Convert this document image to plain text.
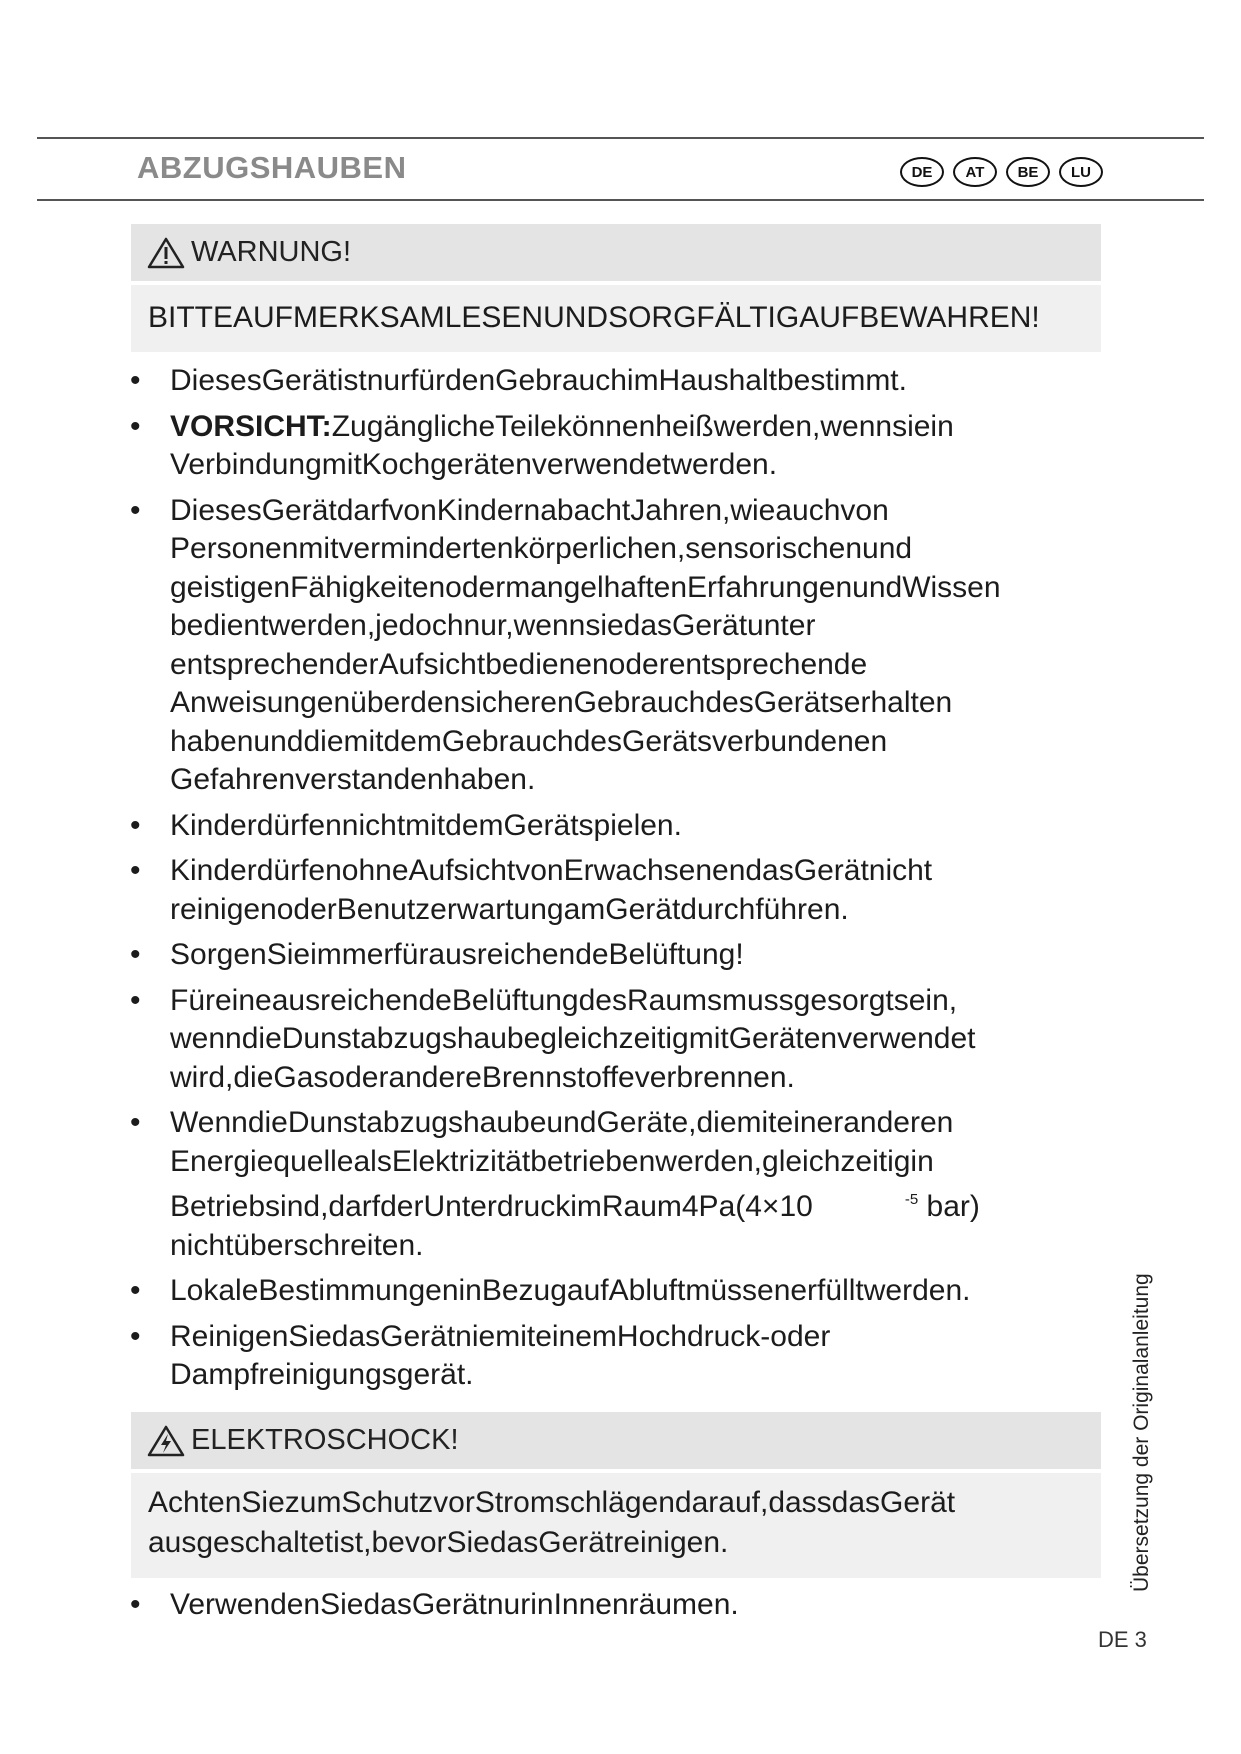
ABZUGSHAUBEN	DE	AT	BE	LU
WARNUNG!
BITTEAUFMERKSAMLESENUNDSORGFÄLTIGAUFBEWAHREN!
• DiesesGerätistnurfürdenGebrauchimHaushaltbestimmt.
• VORSICHT:ZugänglicheTeilekönnenheißwerden,wennsiein
VerbindungmitKochgerätenverwendetwerden.
• DiesesGerätdarfvonKindernabachtJahren,wieauchvon
Personenmitvermindertenkörperlichen,sensorischenund
geistigenFähigkeitenodermangelhaftenErfahrungenundWissen
bedientwerden,jedochnur,wennsiedasGerätunter
entsprechenderAufsichtbedienenoderentsprechende
AnweisungenüberdensicherenGebrauchdesGerätserhalten
habenunddiemitdemGebrauchdesGerätsverbundenen
Gefahrenverstandenhaben.
• KinderdürfennichtmitdemGerätspielen.
• KinderdürfenohneAufsichtvonErwachsenendasGerätnicht
reinigenoderBenutzerwartungamGerätdurchführen.
• SorgenSieimmerfürausreichendeBelüftung!
• FüreineausreichendeBelüftungdesRaumsmussgesorgtsein,
wenndieDunstabzugshaubegleichzeitigmitGerätenverwendet
wird,dieGasoderandereBrennstoffeverbrennen.
• WenndieDunstabzugshaubeundGeräte,diemiteineranderen
EnergiequellealsElektrizitätbetriebenwerden,gleichzeitigin
Betriebsind,darfderUnterdruckimRaum4Pa(4×10	$^{-5}$ bar)
nichtüberschreiten.
• LokaleBestimmungeninBezugaufAbluftmüssenerfülltwerden.
• ReinigenSiedasGerätniemiteinemHochdruck-oder
Dampfreinigungsgerät.
ELEKTROSCHOCK!
AchtenSiezumSchutzvorStromschlägendarauf,dassdasGerät
ausgeschaltetist,bevorSiedasGerätreinigen.
• VerwendenSiedasGerätnurinInnenräumen.
Übersetzung der Originalanleitung
DE 3
